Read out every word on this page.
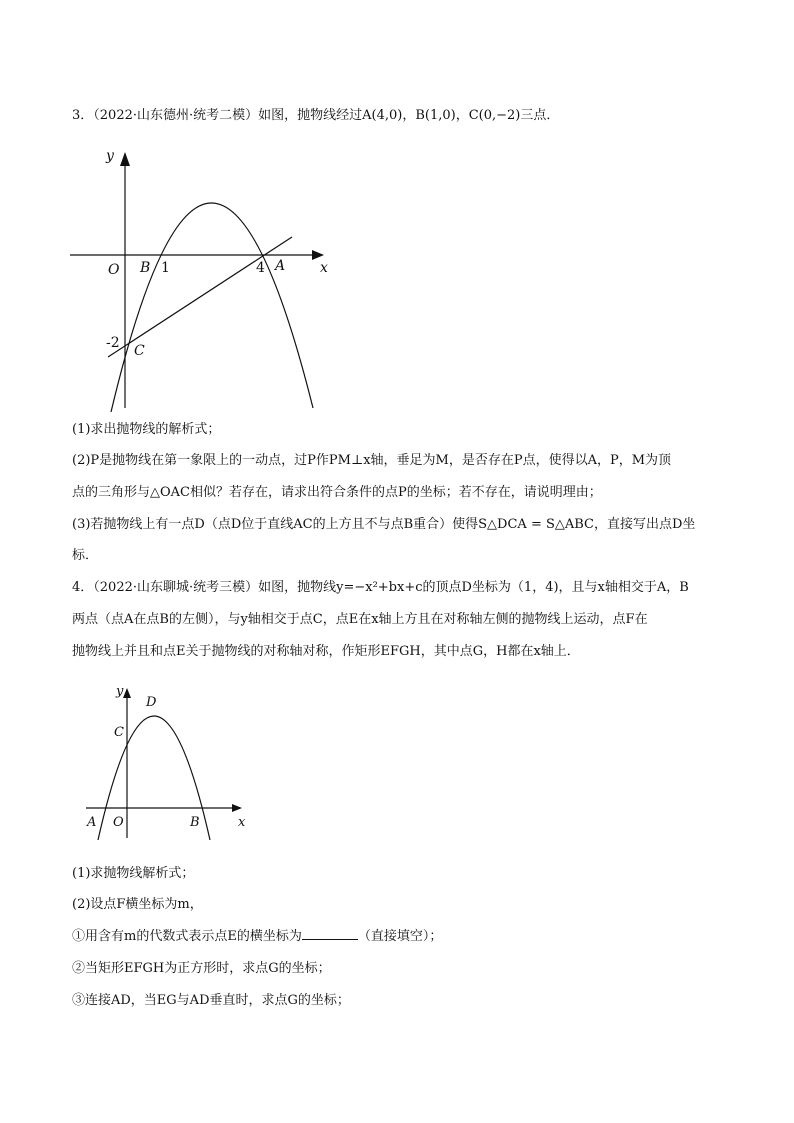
3．（2022·山东德州·统考二模）如图，抛物线经过A(4,0)，B(1,0)，C(0,−2)三点．
y
x
O B 1	4 A
-2 C
(1)求出抛物线的解析式；
(2)P是抛物线在第一象限上的一动点，过P作PM⊥x轴，垂足为M，是否存在P点，使得以A，P，M为顶
点的三角形与△OAC相似？若存在，请求出符合条件的点P的坐标；若不存在，请说明理由；
(3)若抛物线上有一点D（点D位于直线AC的上方且不与点B重合）使得S△DCA = S△ABC，直接写出点D坐
标．
4．（2022·山东聊城·统考三模）如图，抛物线y=−x²+bx+c的顶点D坐标为（1，4)，且与x轴相交于A，B
两点（点A在点B的左侧），与y轴相交于点C，点E在x轴上方且在对称轴左侧的抛物线上运动，点F在
抛物线上并且和点E关于抛物线的对称轴对称，作矩形EFGH，其中点G，H都在x轴上．
y
D
C
A O	B	x
(1)求抛物线解析式；
(2)设点F横坐标为m，
①用含有m的代数式表示点E的横坐标为	（直接填空）；
②当矩形EFGH为正方形时，求点G的坐标；
③连接AD，当EG与AD垂直时，求点G的坐标；
